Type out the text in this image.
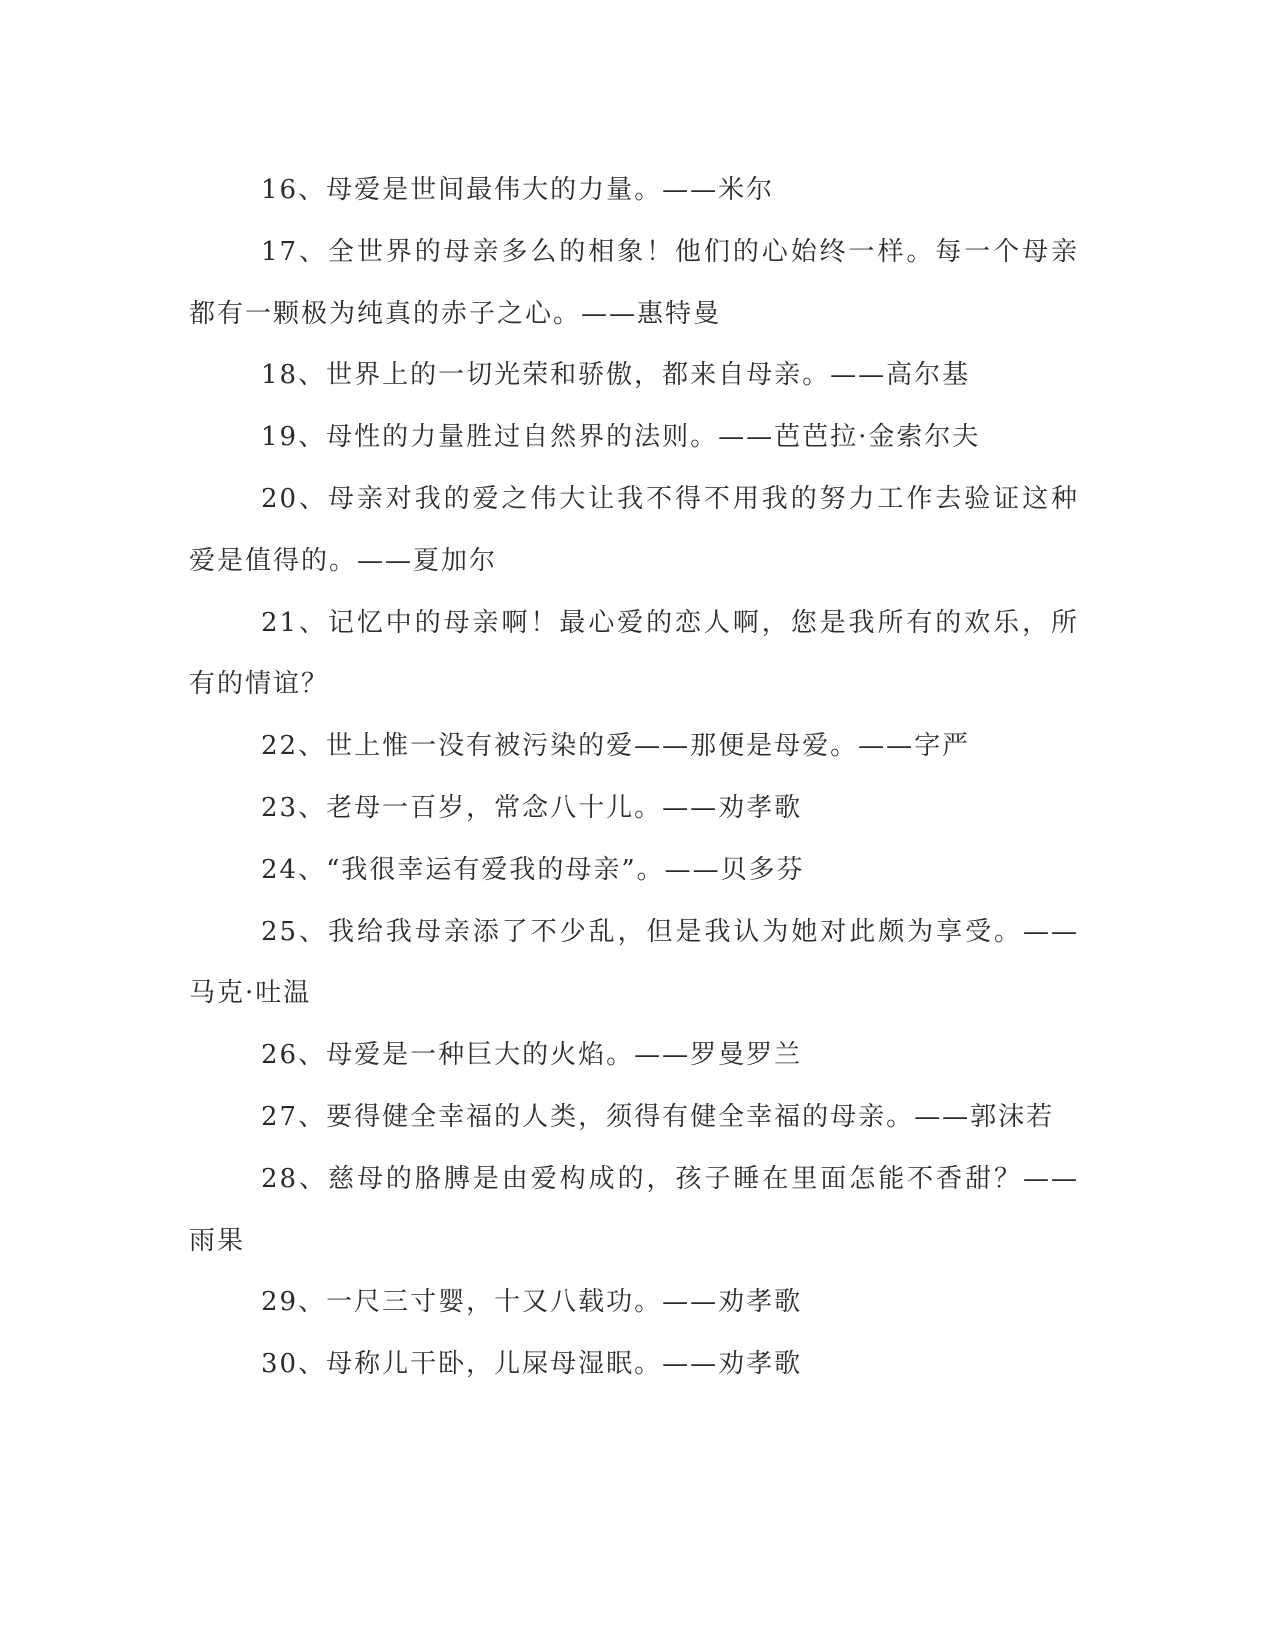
16、母爱是世间最伟大的力量。——米尔

17、全世界的母亲多么的相象！他们的心始终一样。每一个母亲都有一颗极为纯真的赤子之心。——惠特曼

18、世界上的一切光荣和骄傲，都来自母亲。——高尔基

19、母性的力量胜过自然界的法则。——芭芭拉·金索尔夫

20、母亲对我的爱之伟大让我不得不用我的努力工作去验证这种爱是值得的。——夏加尔

21、记忆中的母亲啊！最心爱的恋人啊，您是我所有的欢乐，所有的情谊？

22、世上惟一没有被污染的爱——那便是母爱。——字严

23、老母一百岁，常念八十儿。——劝孝歌

24、“我很幸运有爱我的母亲”。——贝多芬

25、我给我母亲添了不少乱，但是我认为她对此颇为享受。——马克·吐温

26、母爱是一种巨大的火焰。——罗曼罗兰

27、要得健全幸福的人类，须得有健全幸福的母亲。——郭沫若

28、慈母的胳膊是由爱构成的，孩子睡在里面怎能不香甜？——雨果

29、一尺三寸婴，十又八载功。——劝孝歌

30、母称儿干卧，儿屎母湿眠。——劝孝歌
